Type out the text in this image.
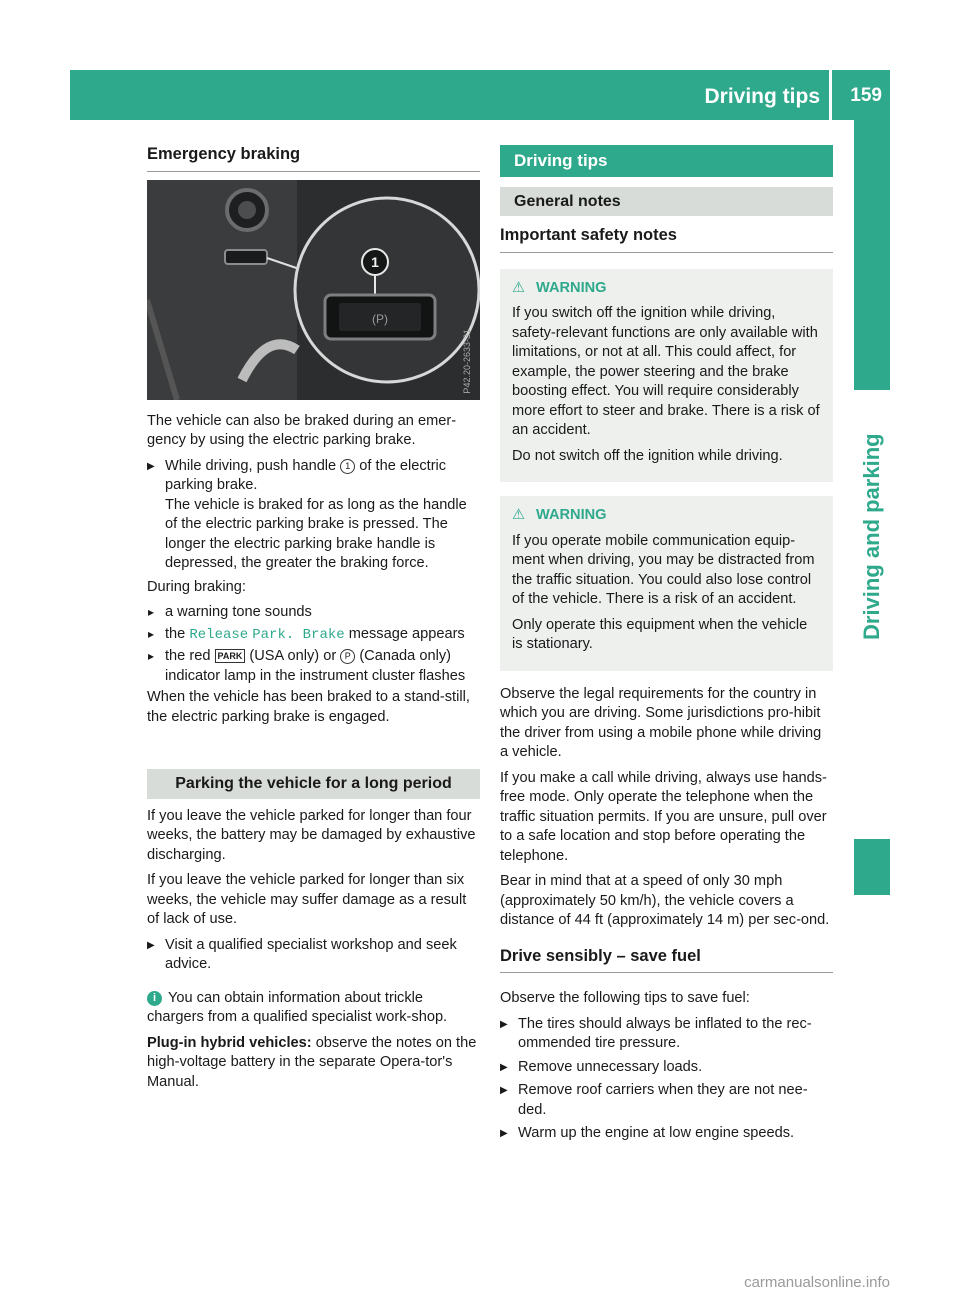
Driving tips 159
Driving and parking
Emergency braking
1
(P)
P42.20-2633-31

The vehicle can also be braked during an emer-gency by using the electric parking brake.

▶ While driving, push handle 1 of the electric parking brake.
The vehicle is braked for as long as the handle of the electric parking brake is pressed. The longer the electric parking brake handle is depressed, the greater the braking force.

During braking:

▸ a warning tone sounds
▸ the Release Park. Brake message appears
▸ the red PARK (USA only) or P (Canada only) indicator lamp in the instrument cluster flashes

When the vehicle has been braked to a stand-still, the electric parking brake is engaged.

Parking the vehicle for a long period

If you leave the vehicle parked for longer than four weeks, the battery may be damaged by exhaustive discharging.

If you leave the vehicle parked for longer than six weeks, the vehicle may suffer damage as a result of lack of use.

▶ Visit a qualified specialist workshop and seek advice.

i You can obtain information about trickle chargers from a qualified specialist work-shop.

Plug-in hybrid vehicles: observe the notes on the high-voltage battery in the separate Opera-tor's Manual.

Driving tips
General notes
Important safety notes
⚠ WARNING

If you switch off the ignition while driving, safety-relevant functions are only available with limitations, or not at all. This could affect, for example, the power steering and the brake boosting effect. You will require considerably more effort to steer and brake. There is a risk of an accident.

Do not switch off the ignition while driving.

⚠ WARNING

If you operate mobile communication equip-ment when driving, you may be distracted from the traffic situation. You could also lose control of the vehicle. There is a risk of an accident.

Only operate this equipment when the vehicle is stationary.

Observe the legal requirements for the country in which you are driving. Some jurisdictions pro-hibit the driver from using a mobile phone while driving a vehicle.

If you make a call while driving, always use hands-free mode. Only operate the telephone when the traffic situation permits. If you are unsure, pull over to a safe location and stop before operating the telephone.

Bear in mind that at a speed of only 30 mph (approximately 50 km/h), the vehicle covers a distance of 44 ft (approximately 14 m) per sec-ond.

Drive sensibly – save fuel

Observe the following tips to save fuel:

▶ The tires should always be inflated to the rec-ommended tire pressure.
▶ Remove unnecessary loads.
▶ Remove roof carriers when they are not nee-ded.
▶ Warm up the engine at low engine speeds.
carmanualsonline.info
